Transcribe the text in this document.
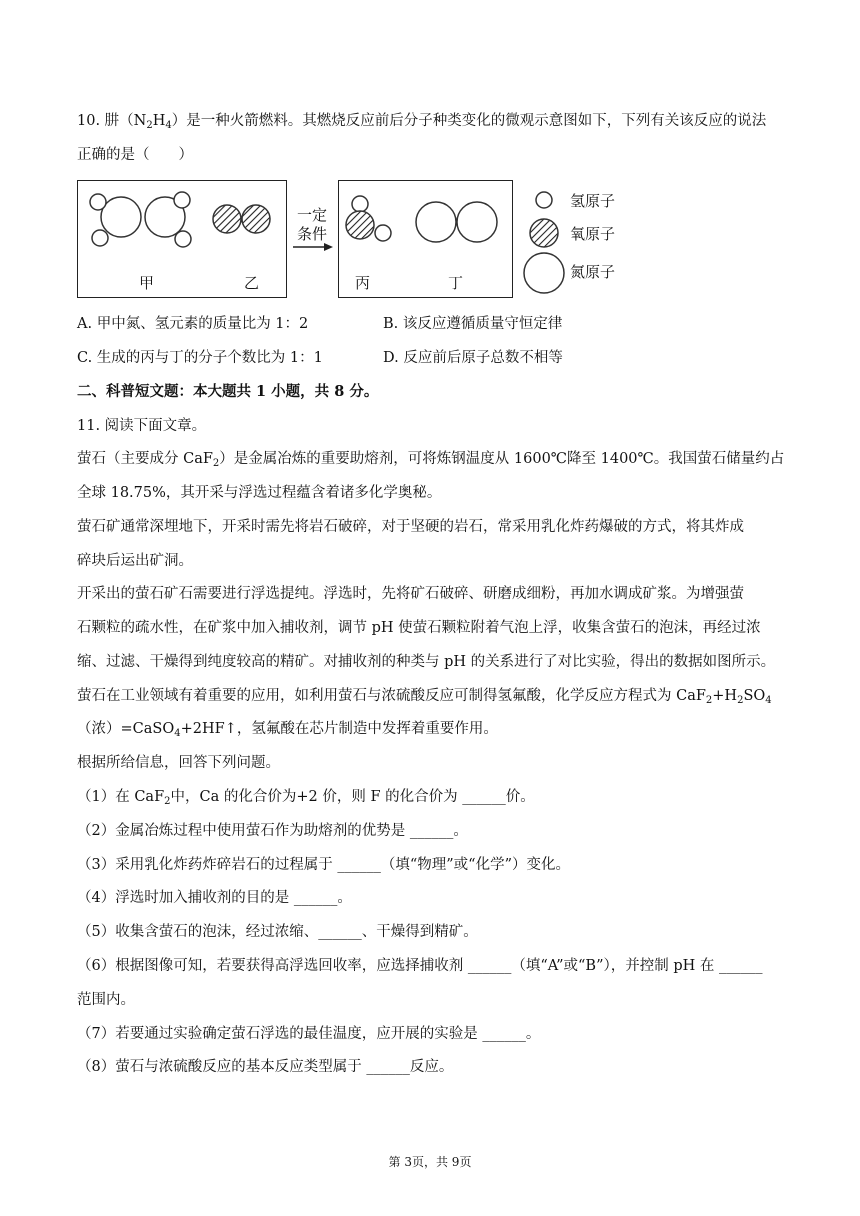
10. 肼$(N_2H_4)$是一种火箭燃料。其燃烧反应前后分子种类变化的微观示意图如下，下列有关该反应的说法
正确的是（　　）
甲	乙
一定
条件
丙	丁
氢原子
氧原子
氮原子
A. 甲中氮、氢元素的质量比为 1：2	B. 该反应遵循质量守恒定律
C. 生成的丙与丁的分子个数比为 1：1	D. 反应前后原子总数不相等
二、科普短文题：本大题共 1 小题，共 8 分。
11. 阅读下面文章。
萤石（主要成分 CaF$_2$）是金属冶炼的重要助熔剂，可将炼钢温度从 1600℃降至 1400℃。我国萤石储量约占
全球 18.75%，其开采与浮选过程蕴含着诸多化学奥秘。
萤石矿通常深埋地下，开采时需先将岩石破碎，对于坚硬的岩石，常采用乳化炸药爆破的方式，将其炸成
碎块后运出矿洞。
开采出的萤石矿石需要进行浮选提纯。浮选时，先将矿石破碎、研磨成细粉，再加水调成矿浆。为增强萤
石颗粒的疏水性，在矿浆中加入捕收剂，调节 pH 使萤石颗粒附着气泡上浮，收集含萤石的泡沫，再经过浓
缩、过滤、干燥得到纯度较高的精矿。对捕收剂的种类与 pH 的关系进行了对比实验，得出的数据如图所示。
萤石在工业领域有着重要的应用，如利用萤石与浓硫酸反应可制得氢氟酸，化学反应方程式为 $CaF_2+H_2SO_4$
（浓）=CaSO$_4$+2HF↑，氢氟酸在芯片制造中发挥着重要作用。
根据所给信息，回答下列问题。
（1）在 CaF$_2$中，Ca 的化合价为+2 价，则 F 的化合价为 ______价。
（2）金属冶炼过程中使用萤石作为助熔剂的优势是 ______。
（3）采用乳化炸药炸碎岩石的过程属于 ______（填“物理”或“化学”）变化。
（4）浮选时加入捕收剂的目的是 ______。
（5）收集含萤石的泡沫，经过浓缩、______、干燥得到精矿。
（6）根据图像可知，若要获得高浮选回收率，应选择捕收剂 ______（填“A”或“B”），并控制 pH 在 ______
范围内。
（7）若要通过实验确定萤石浮选的最佳温度，应开展的实验是 ______。
（8）萤石与浓硫酸反应的基本反应类型属于 ______反应。
第 3页，共 9页
